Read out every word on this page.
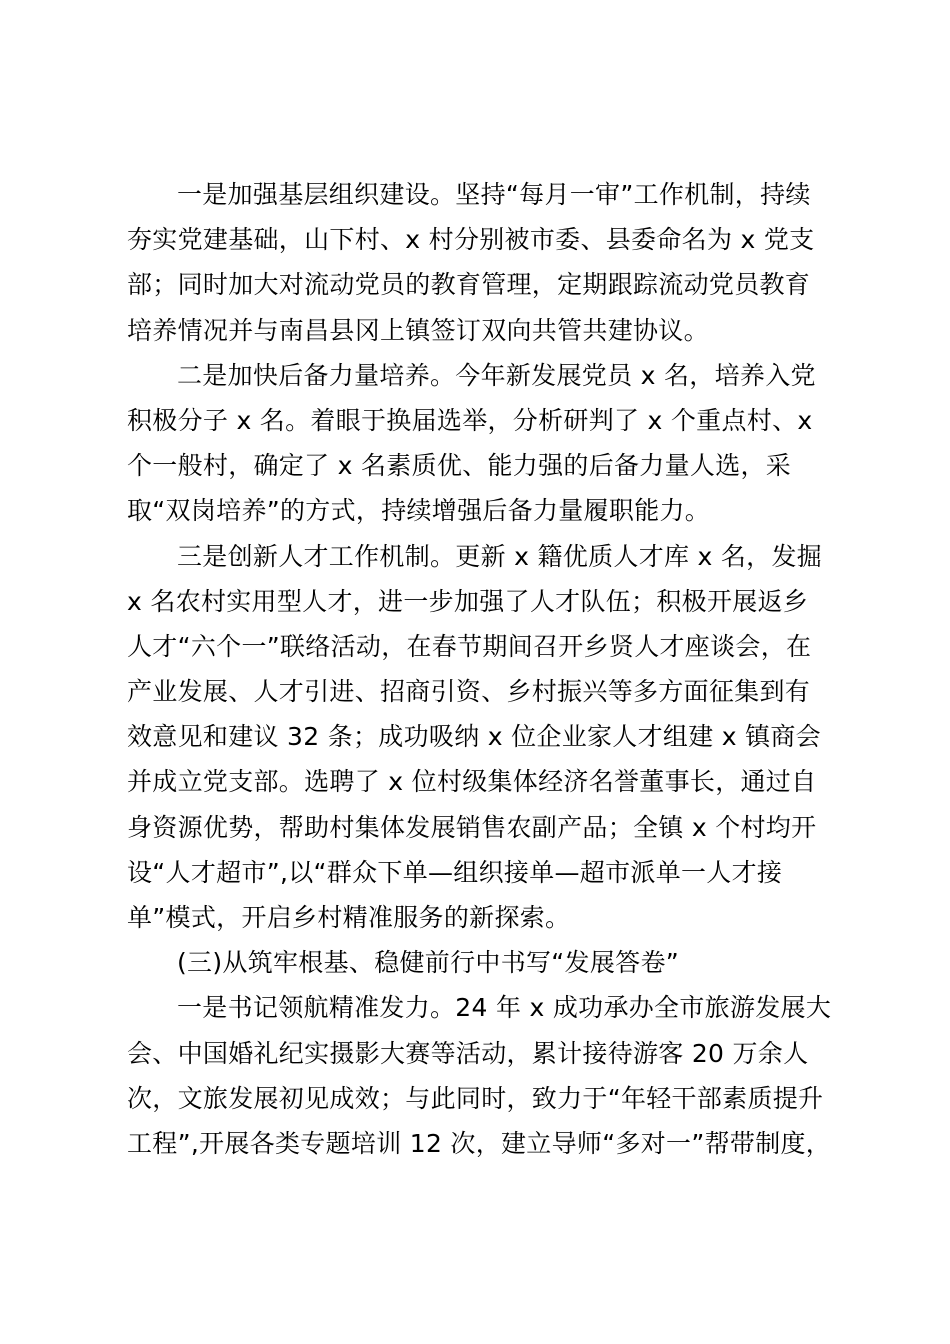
一是加强基层组织建设。坚持“每月一审”工作机制，持续
夯实党建基础，山下村、x 村分别被市委、县委命名为 x 党支
部；同时加大对流动党员的教育管理，定期跟踪流动党员教育
培养情况并与南昌县冈上镇签订双向共管共建协议。
二是加快后备力量培养。今年新发展党员 x 名，培养入党
积极分子 x 名。着眼于换届选举，分析研判了 x 个重点村、x
个一般村，确定了 x 名素质优、能力强的后备力量人选，采
取“双岗培养”的方式，持续增强后备力量履职能力。
三是创新人才工作机制。更新 x 籍优质人才库 x 名，发掘
x 名农村实用型人才，进一步加强了人才队伍；积极开展返乡
人才“六个一”联络活动，在春节期间召开乡贤人才座谈会，在
产业发展、人才引进、招商引资、乡村振兴等多方面征集到有
效意见和建议 32 条；成功吸纳 x 位企业家人才组建 x 镇商会
并成立党支部。选聘了 x 位村级集体经济名誉董事长，通过自
身资源优势，帮助村集体发展销售农副产品；全镇 x 个村均开
设“人才超市”,以“群众下单—组织接单—超市派单一人才接
单”模式，开启乡村精准服务的新探索。
(三)从筑牢根基、稳健前行中书写“发展答卷”
一是书记领航精准发力。24 年 x 成功承办全市旅游发展大
会、中国婚礼纪实摄影大赛等活动，累计接待游客 20 万余人
次，文旅发展初见成效；与此同时，致力于“年轻干部素质提升
工程”,开展各类专题培训 12 次，建立导师“多对一”帮带制度，
